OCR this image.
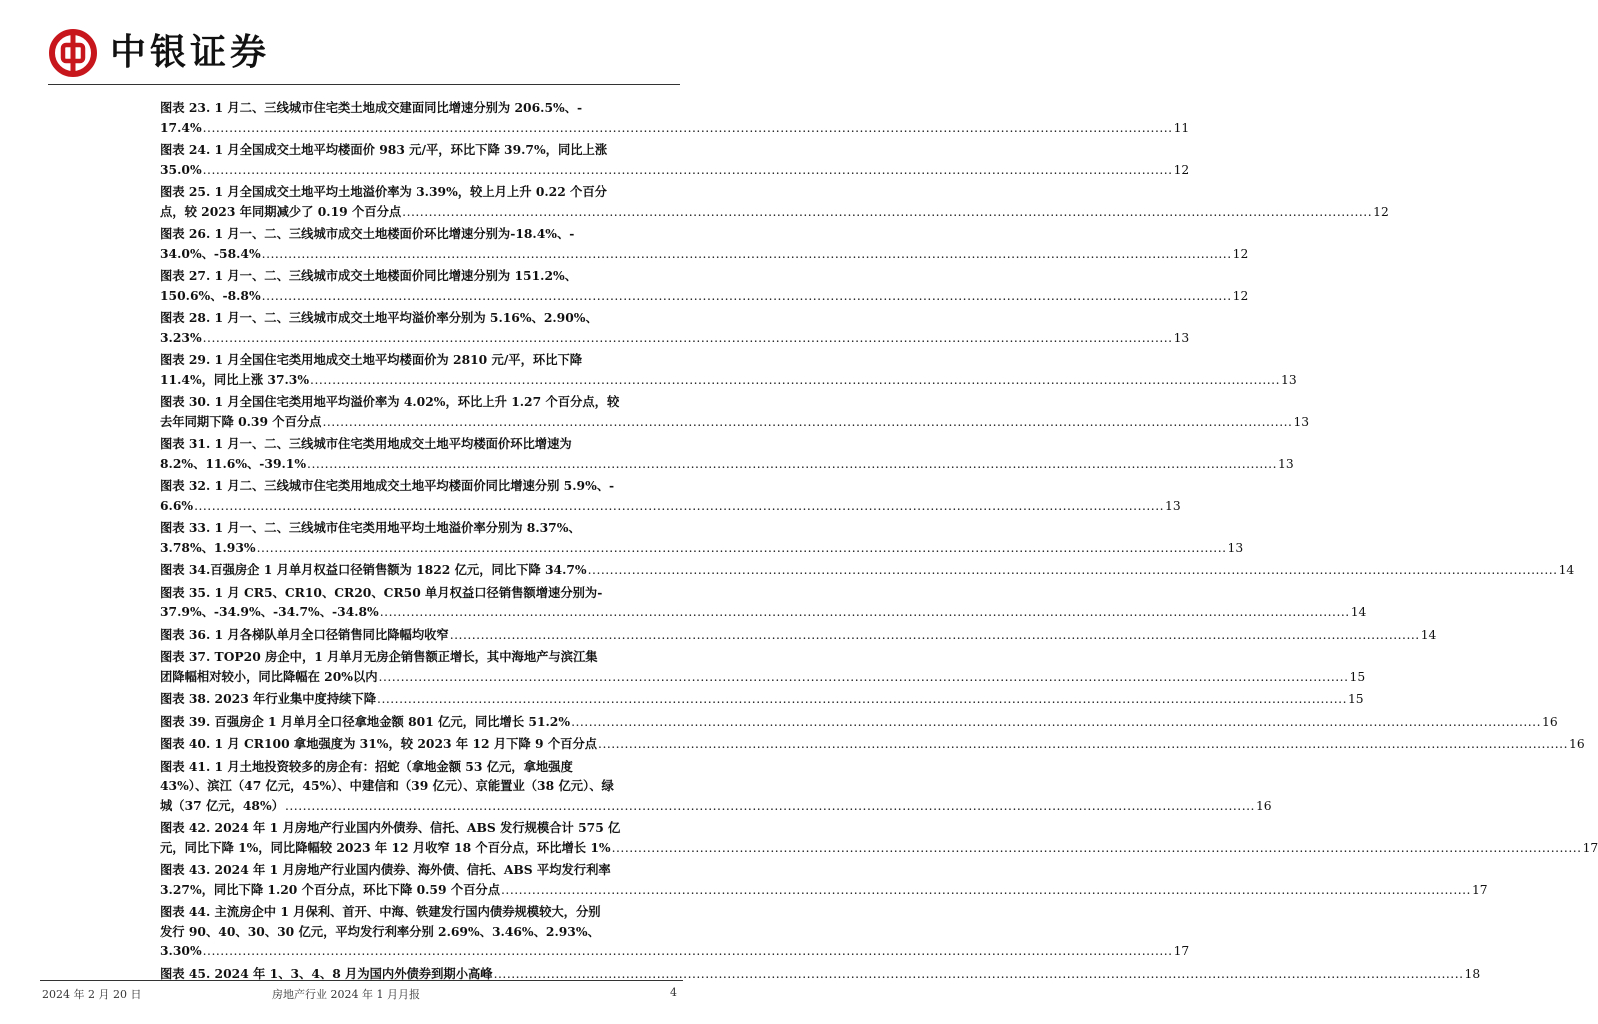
中银证券
图表 23. 1 月二、三线城市住宅类土地成交建面同比增速分别为 206.5%、-
17.4% ............................................................................................................................................................................................................................ 11
图表 24. 1 月全国成交土地平均楼面价 983 元/平，环比下降 39.7%，同比上涨
35.0% ............................................................................................................................................................................................................................ 12
图表 25. 1 月全国成交土地平均土地溢价率为 3.39%，较上月上升 0.22 个百分
点，较 2023 年同期减少了 0.19 个百分点 ............................................................................................................................................................................................................................ 12
图表 26. 1 月一、二、三线城市成交土地楼面价环比增速分别为-18.4%、-
34.0%、-58.4% ............................................................................................................................................................................................................................ 12
图表 27. 1 月一、二、三线城市成交土地楼面价同比增速分别为 151.2%、
150.6%、-8.8% ............................................................................................................................................................................................................................ 12
图表 28. 1 月一、二、三线城市成交土地平均溢价率分别为 5.16%、2.90%、
3.23% ............................................................................................................................................................................................................................ 13
图表 29. 1 月全国住宅类用地成交土地平均楼面价为 2810 元/平，环比下降
11.4%，同比上涨 37.3% ............................................................................................................................................................................................................................ 13
图表 30. 1 月全国住宅类用地平均溢价率为 4.02%，环比上升 1.27 个百分点，较
去年同期下降 0.39 个百分点 ............................................................................................................................................................................................................................ 13
图表 31. 1 月一、二、三线城市住宅类用地成交土地平均楼面价环比增速为
8.2%、11.6%、-39.1% ............................................................................................................................................................................................................................ 13
图表 32. 1 月二、三线城市住宅类用地成交土地平均楼面价同比增速分别 5.9%、-
6.6% ............................................................................................................................................................................................................................ 13
图表 33. 1 月一、二、三线城市住宅类用地平均土地溢价率分别为 8.37%、
3.78%、1.93% ............................................................................................................................................................................................................................ 13
图表 34.百强房企 1 月单月权益口径销售额为 1822 亿元，同比下降 34.7% ............................................................................................................................................................................................................................ 14
图表 35. 1 月 CR5、CR10、CR20、CR50 单月权益口径销售额增速分别为-
37.9%、-34.9%、-34.7%、-34.8% ............................................................................................................................................................................................................................ 14
图表 36. 1 月各梯队单月全口径销售同比降幅均收窄 ............................................................................................................................................................................................................................ 14
图表 37. TOP20 房企中，1 月单月无房企销售额正增长，其中海地产与滨江集
团降幅相对较小，同比降幅在 20%以内 ............................................................................................................................................................................................................................ 15
图表 38. 2023 年行业集中度持续下降 ............................................................................................................................................................................................................................ 15
图表 39. 百强房企 1 月单月全口径拿地金额 801 亿元，同比增长 51.2% ............................................................................................................................................................................................................................ 16
图表 40. 1 月 CR100 拿地强度为 31%，较 2023 年 12 月下降 9 个百分点 ............................................................................................................................................................................................................................ 16
图表 41. 1 月土地投资较多的房企有：招蛇（拿地金额 53 亿元，拿地强度
43%）、滨江（47 亿元，45%）、中建信和（39 亿元）、京能置业（38 亿元）、绿
城（37 亿元，48%） ............................................................................................................................................................................................................................ 16
图表 42. 2024 年 1 月房地产行业国内外债券、信托、ABS 发行规模合计 575 亿
元，同比下降 1%，同比降幅较 2023 年 12 月收窄 18 个百分点，环比增长 1% ............................................................................................................................................................................................................................ 17
图表 43. 2024 年 1 月房地产行业国内债券、海外债、信托、ABS 平均发行利率
3.27%，同比下降 1.20 个百分点，环比下降 0.59 个百分点 ............................................................................................................................................................................................................................ 17
图表 44. 主流房企中 1 月保利、首开、中海、铁建发行国内债券规模较大，分别
发行 90、40、30、30 亿元，平均发行利率分别 2.69%、3.46%、2.93%、
3.30% ............................................................................................................................................................................................................................ 17
图表 45. 2024 年 1、3、4、8 月为国内外债券到期小高峰 ............................................................................................................................................................................................................................ 18
2024 年 2 月 20 日	房地产行业 2024 年 1 月月报	4
